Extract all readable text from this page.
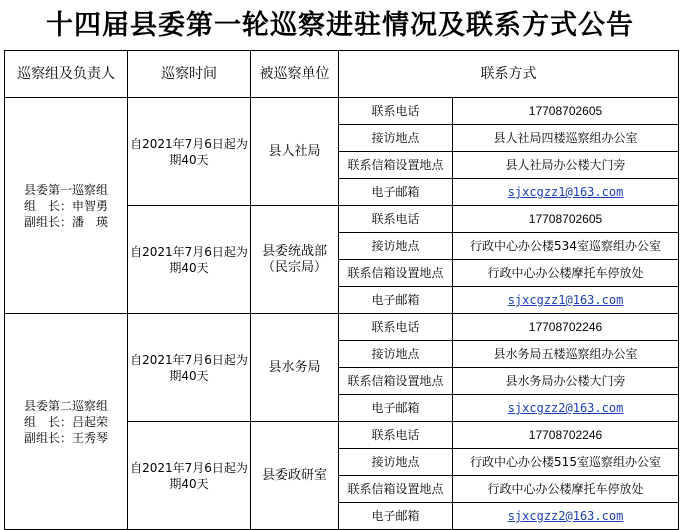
十四届县委第一轮巡察进驻情况及联系方式公告
巡察组及负责人	巡察时间	被巡察单位	联系方式	

县委第一巡察组
组　长：申智勇
副组长：潘　瑛	自2021年7月6日起为期40天	县人社局	联系电话	17708702605
			接访地点	县人社局四楼巡察组办公室
			联系信箱设置地点	县人社局办公楼大门旁
			电子邮箱	sjxcgzz1@163.com
	自2021年7月6日起为期40天	县委统战部（民宗局）	联系电话	17708702605
			接访地点	行政中心办公楼534室巡察组办公室
			联系信箱设置地点	行政中心办公楼摩托车停放处
			电子邮箱	sjxcgzz1@163.com

县委第二巡察组
组　长：吕起荣
副组长：王秀琴	自2021年7月6日起为期40天	县水务局	联系电话	17708702246
			接访地点	县水务局五楼巡察组办公室
			联系信箱设置地点	县水务局办公楼大门旁
			电子邮箱	sjxcgzz2@163.com
	自2021年7月6日起为期40天	县委政研室	联系电话	17708702246
			接访地点	行政中心办公楼515室巡察组办公室
			联系信箱设置地点	行政中心办公楼摩托车停放处
			电子邮箱	sjxcgzz2@163.com
